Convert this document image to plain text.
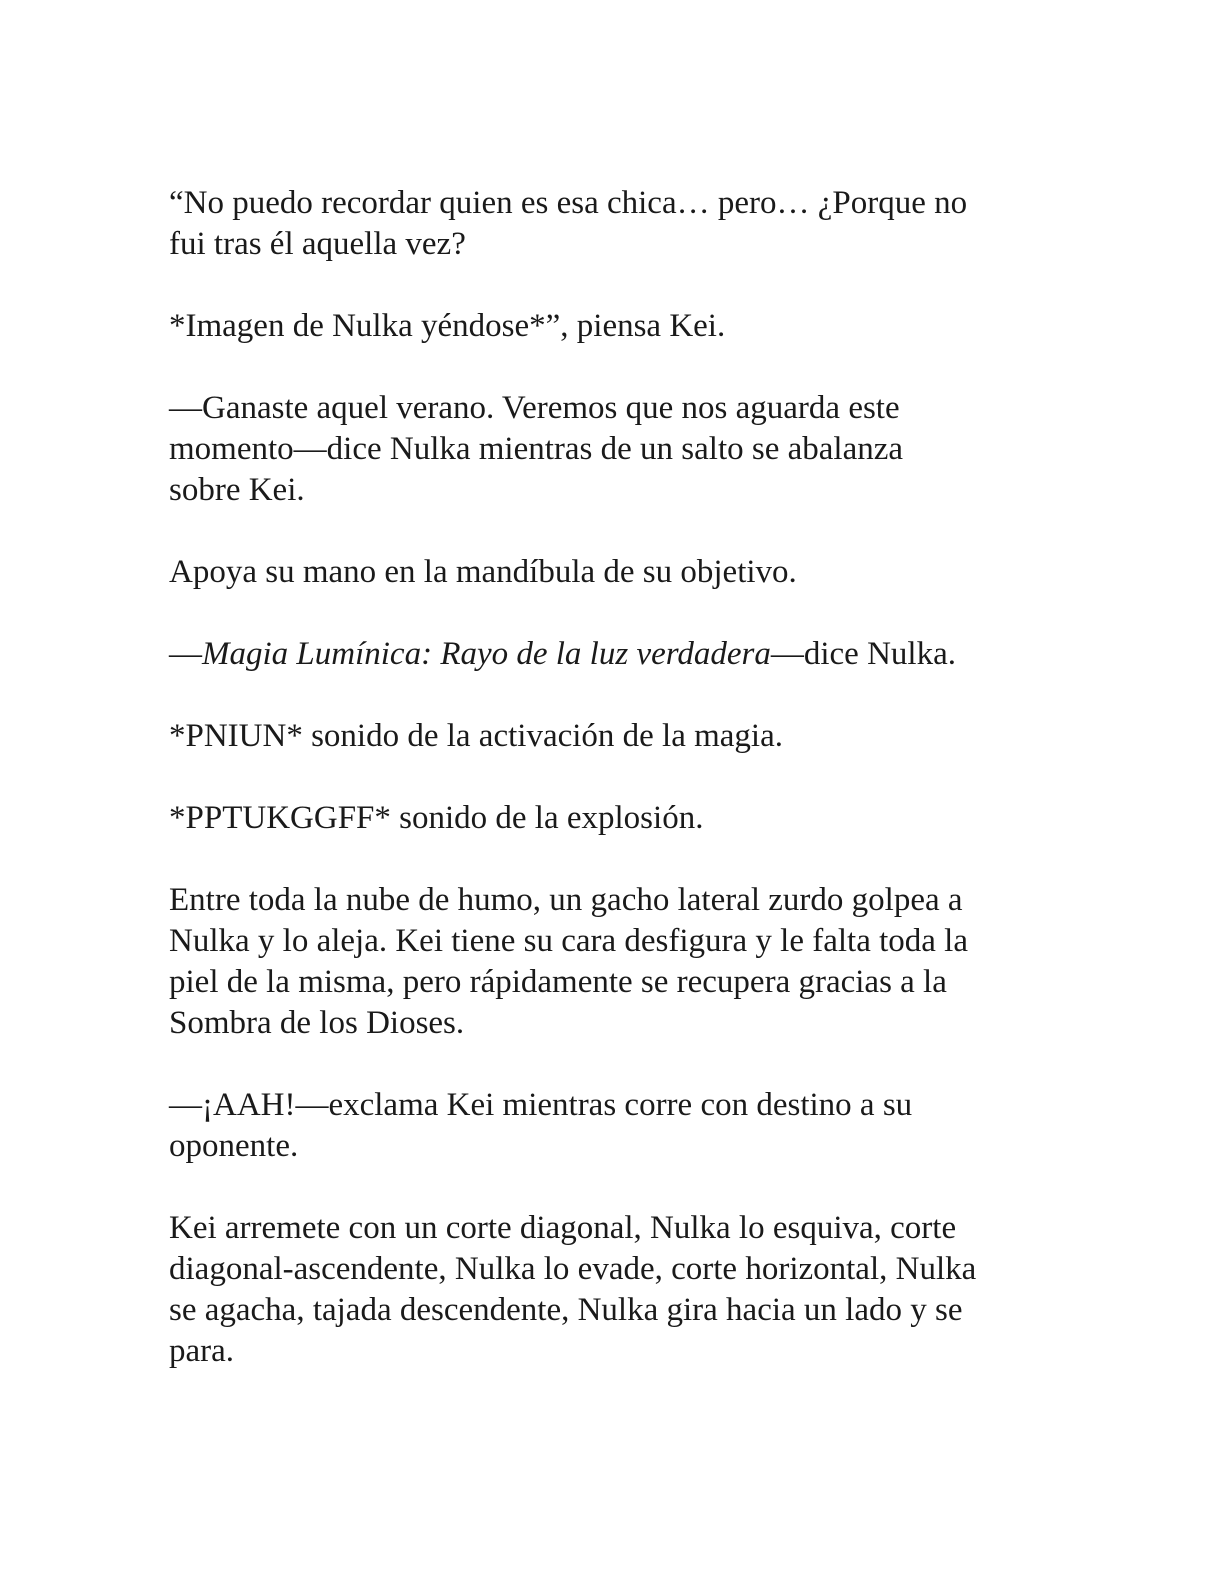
“No puedo recordar quien es esa chica… pero… ¿Porque no
fui tras él aquella vez?

*Imagen de Nulka yéndose*”, piensa Kei.

—Ganaste aquel verano. Veremos que nos aguarda este
momento—dice Nulka mientras de un salto se abalanza
sobre Kei.

Apoya su mano en la mandíbula de su objetivo.

—Magia Lumínica: Rayo de la luz verdadera—dice Nulka.

*PNIUN* sonido de la activación de la magia.

*PPTUKGGFF* sonido de la explosión.

Entre toda la nube de humo, un gacho lateral zurdo golpea a
Nulka y lo aleja. Kei tiene su cara desfigura y le falta toda la
piel de la misma, pero rápidamente se recupera gracias a la
Sombra de los Dioses.

—¡AAH!—exclama Kei mientras corre con destino a su
oponente.

Kei arremete con un corte diagonal, Nulka lo esquiva, corte
diagonal-ascendente, Nulka lo evade, corte horizontal, Nulka
se agacha, tajada descendente, Nulka gira hacia un lado y se
para.
